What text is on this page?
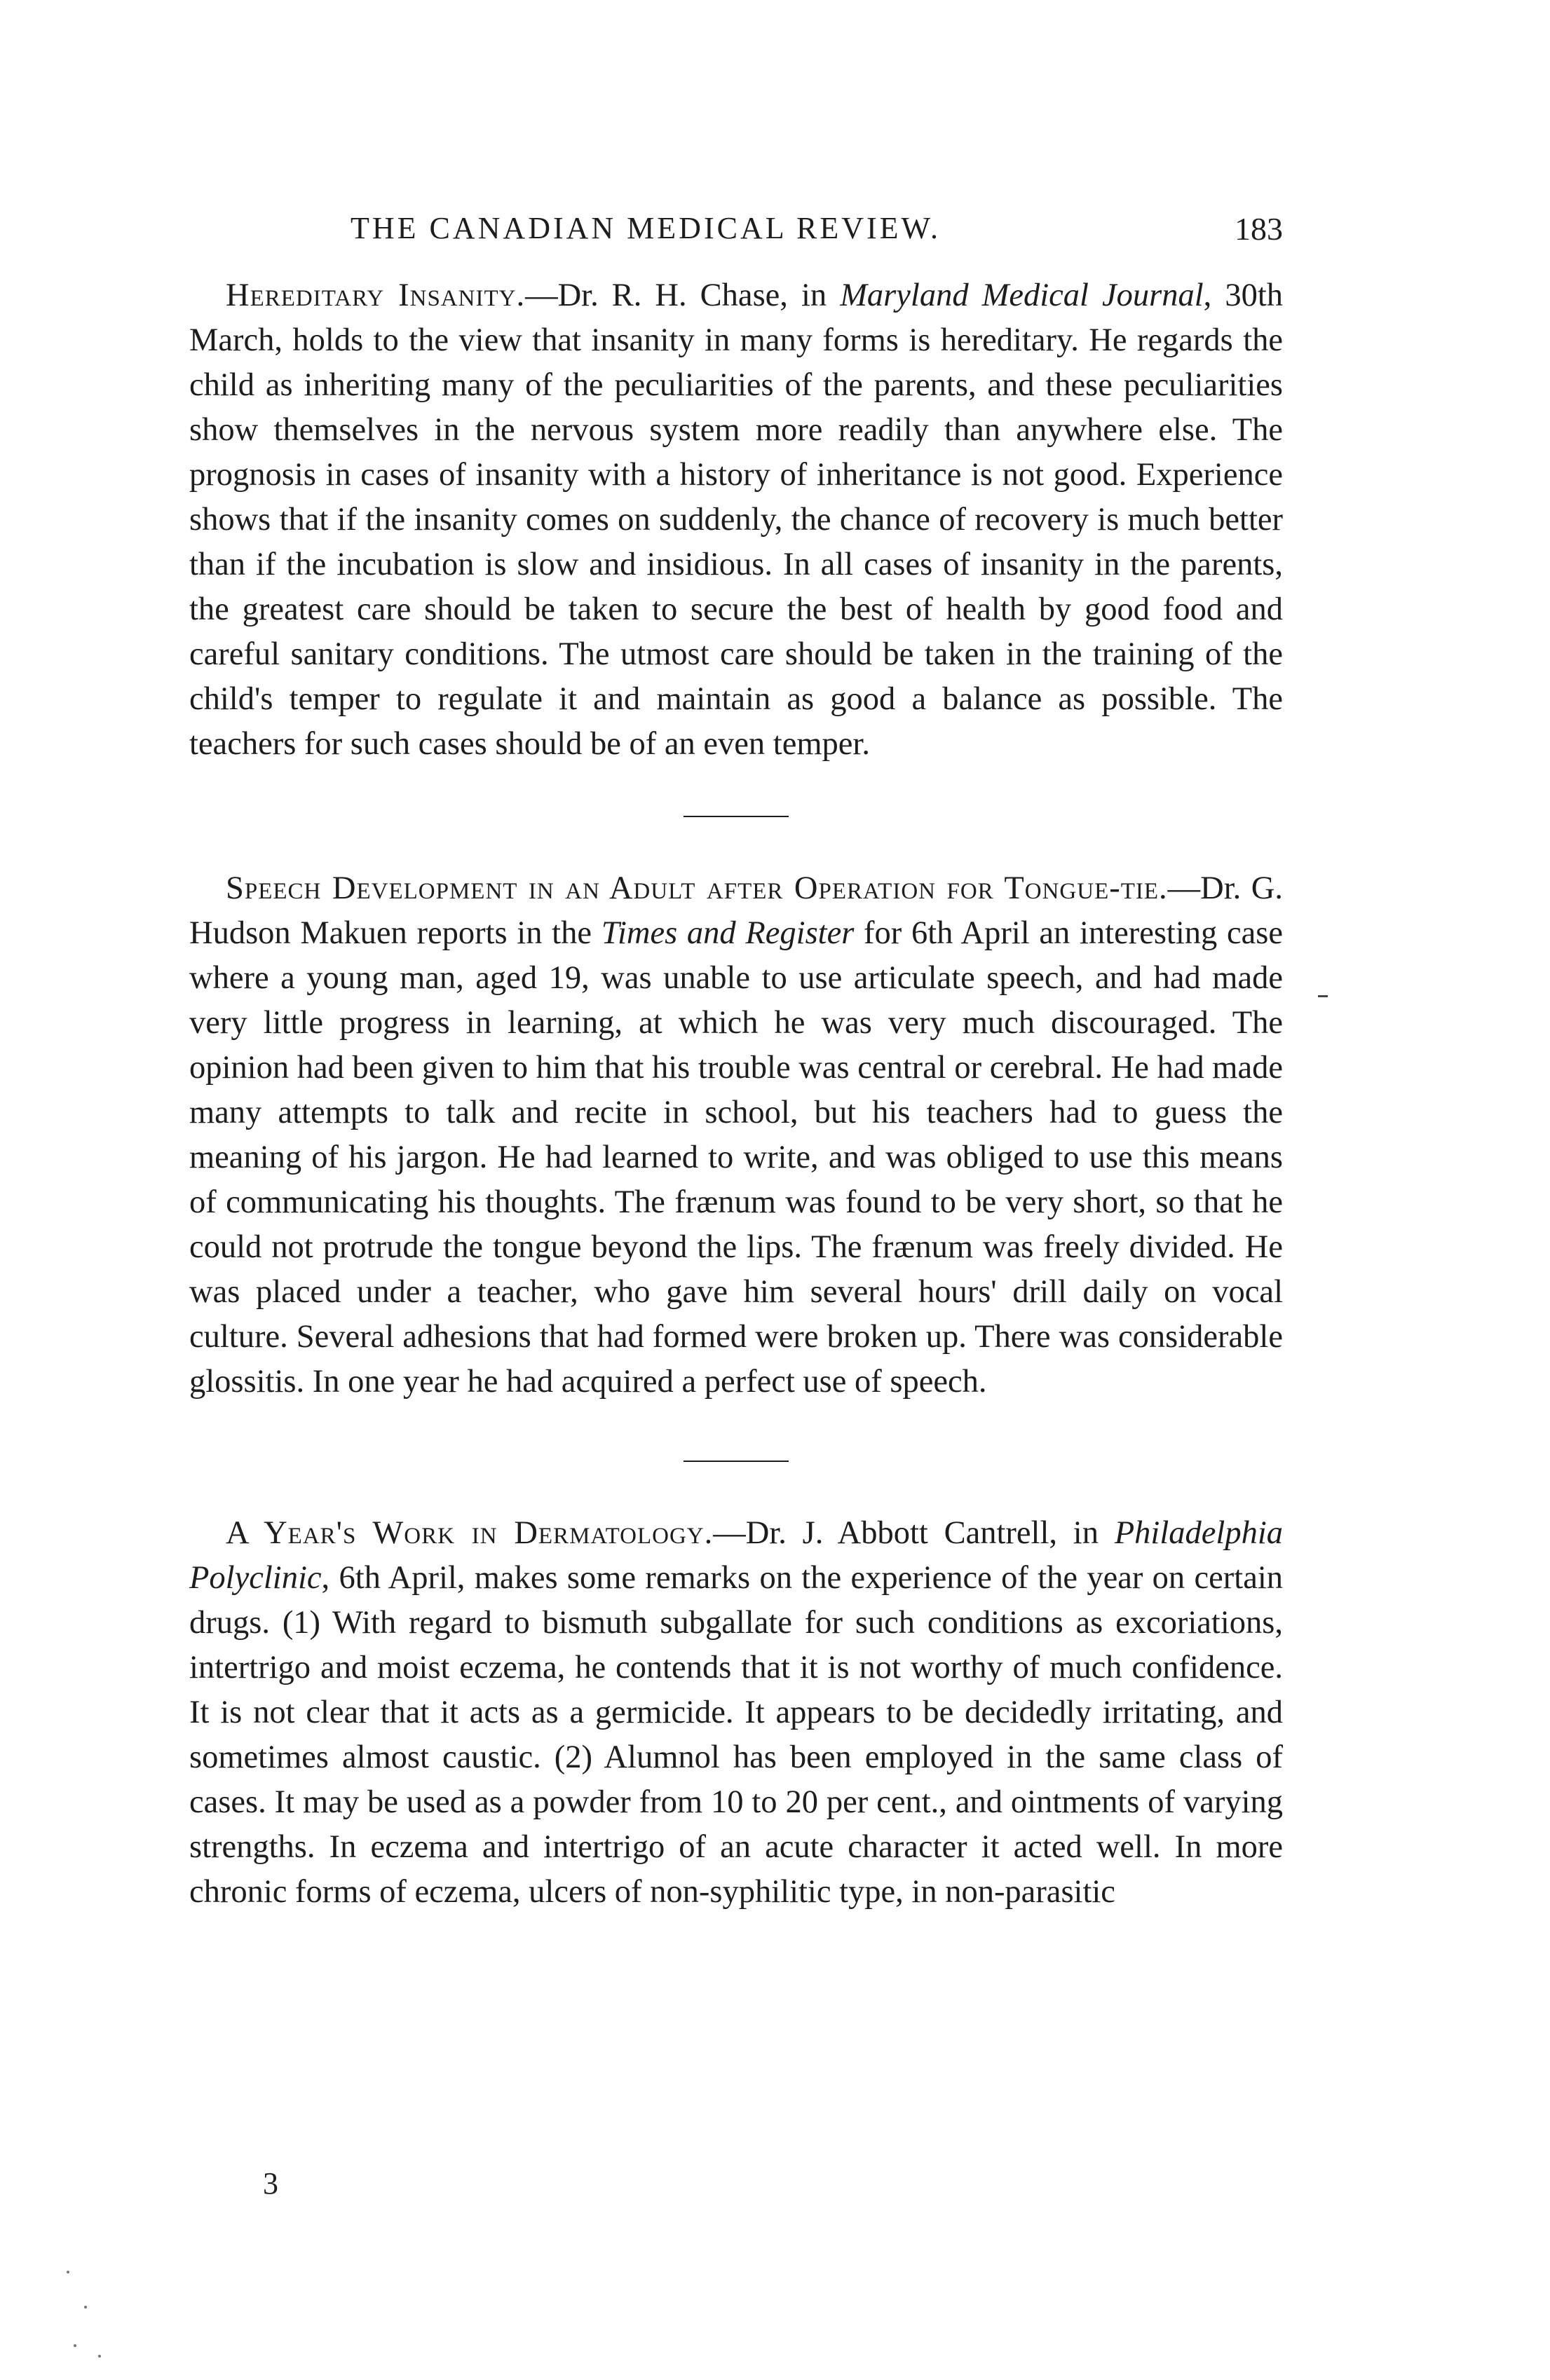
THE CANADIAN MEDICAL REVIEW.	183

Hereditary Insanity.—Dr. R. H. Chase, in Maryland Medical Journal, 30th March, holds to the view that insanity in many forms is hereditary. He regards the child as inheriting many of the peculiarities of the parents, and these peculiarities show themselves in the nervous system more readily than anywhere else. The prognosis in cases of insanity with a history of inheritance is not good. Experience shows that if the insanity comes on suddenly, the chance of recovery is much better than if the incubation is slow and insidious. In all cases of insanity in the parents, the greatest care should be taken to secure the best of health by good food and careful sanitary conditions. The utmost care should be taken in the training of the child's temper to regulate it and maintain as good a balance as possible. The teachers for such cases should be of an even temper.

Speech Development in an Adult after Operation for Tongue-tie.—Dr. G. Hudson Makuen reports in the Times and Register for 6th April an interesting case where a young man, aged 19, was unable to use articulate speech, and had made very little progress in learning, at which he was very much discouraged. The opinion had been given to him that his trouble was central or cerebral. He had made many attempts to talk and recite in school, but his teachers had to guess the meaning of his jargon. He had learned to write, and was obliged to use this means of communicating his thoughts. The frænum was found to be very short, so that he could not protrude the tongue beyond the lips. The frænum was freely divided. He was placed under a teacher, who gave him several hours' drill daily on vocal culture. Several adhesions that had formed were broken up. There was considerable glossitis. In one year he had acquired a perfect use of speech.

A Year's Work in Dermatology.—Dr. J. Abbott Cantrell, in Philadelphia Polyclinic, 6th April, makes some remarks on the experience of the year on certain drugs. (1) With regard to bismuth subgallate for such conditions as excoriations, intertrigo and moist eczema, he contends that it is not worthy of much confidence. It is not clear that it acts as a germicide. It appears to be decidedly irritating, and sometimes almost caustic. (2) Alumnol has been employed in the same class of cases. It may be used as a powder from 10 to 20 per cent., and ointments of varying strengths. In eczema and intertrigo of an acute character it acted well. In more chronic forms of eczema, ulcers of non-syphilitic type, in non-parasitic

3
